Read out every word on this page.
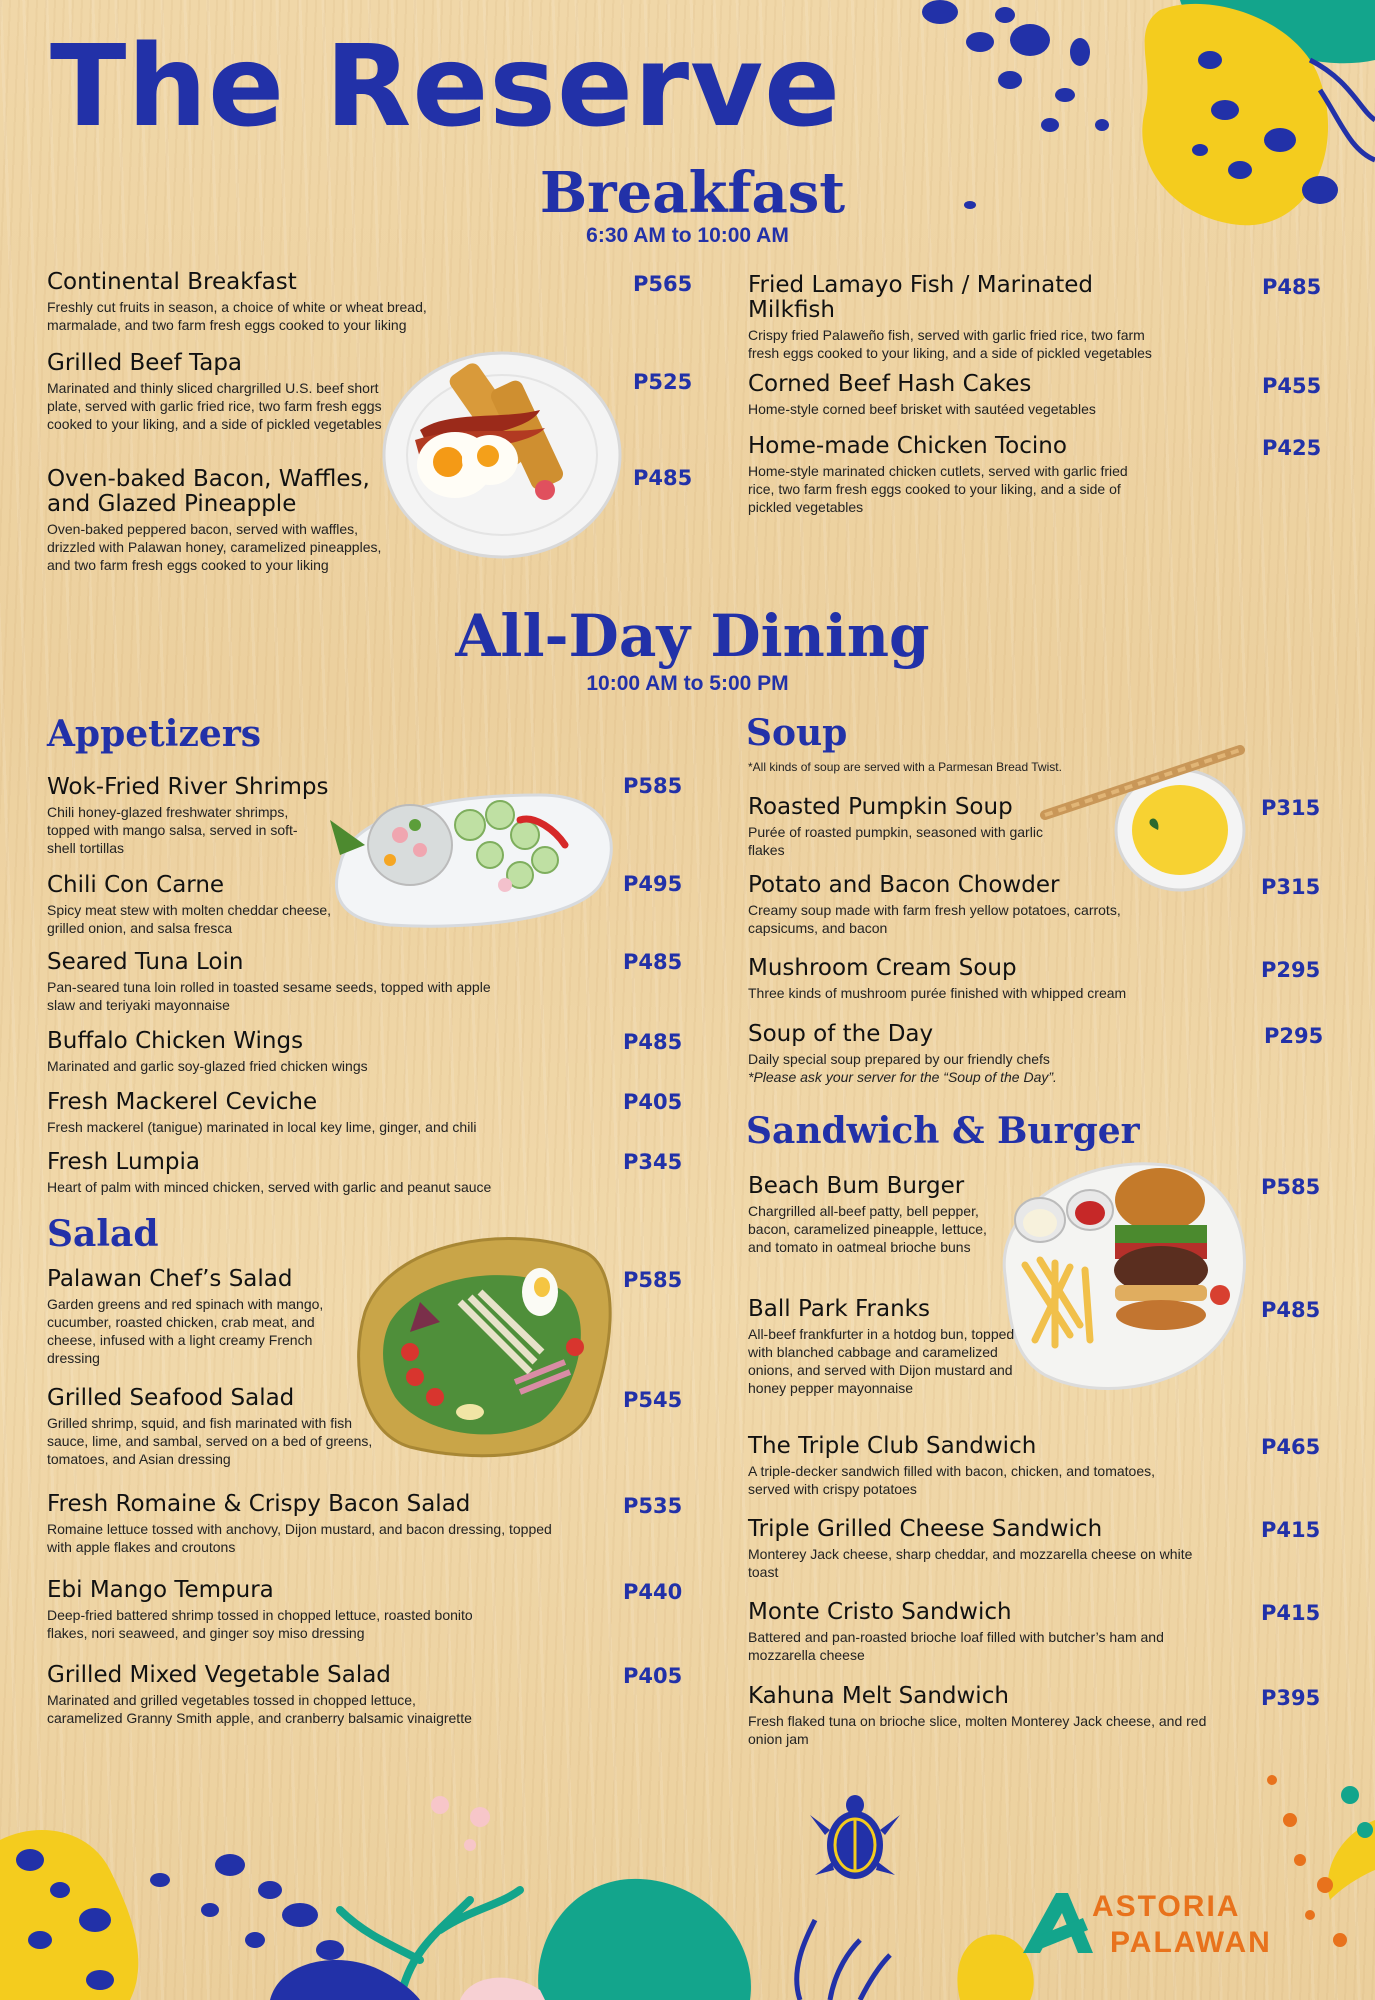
The Reserve
Breakfast
6:30 AM to 10:00 AM
Continental Breakfast
Freshly cut fruits in season, a choice of white or wheat bread, marmalade, and two farm fresh eggs cooked to your liking
P565
Grilled Beef Tapa
Marinated and thinly sliced chargrilled U.S. beef short plate, served with garlic fried rice, two farm fresh eggs cooked to your liking, and a side of pickled vegetables
P525
Oven-baked Bacon, Waffles, and Glazed Pineapple
Oven-baked peppered bacon, served with waffles, drizzled with Palawan honey, caramelized pineapples, and two farm fresh eggs cooked to your liking
P485
Fried Lamayo Fish / Marinated Milkfish
Crispy fried Palaweño fish, served with garlic fried rice, two farm fresh eggs cooked to your liking, and a side of pickled vegetables
P485
Corned Beef Hash Cakes
Home-style corned beef brisket with sautéed vegetables
P455
Home-made Chicken Tocino
Home-style marinated chicken cutlets, served with garlic fried rice, two farm fresh eggs cooked to your liking, and a side of pickled vegetables
P425
All-Day Dining
10:00 AM to 5:00 PM
Appetizers
Wok-Fried River Shrimps
Chili honey-glazed freshwater shrimps, topped with mango salsa, served in soft-shell tortillas
P585
Chili Con Carne
Spicy meat stew with molten cheddar cheese, grilled onion, and salsa fresca
P495
Seared Tuna Loin
Pan-seared tuna loin rolled in toasted sesame seeds, topped with apple slaw and teriyaki mayonnaise
P485
Buffalo Chicken Wings
Marinated and garlic soy-glazed fried chicken wings
P485
Fresh Mackerel Ceviche
Fresh mackerel (tanigue) marinated in local key lime, ginger, and chili
P405
Fresh Lumpia
Heart of palm with minced chicken, served with garlic and peanut sauce
P345
Salad
Palawan Chef’s Salad
Garden greens and red spinach with mango, cucumber, roasted chicken, crab meat, and cheese, infused with a light creamy French dressing
P585
Grilled Seafood Salad
Grilled shrimp, squid, and fish marinated with fish sauce, lime, and sambal, served on a bed of greens, tomatoes, and Asian dressing
P545
Fresh Romaine & Crispy Bacon Salad
Romaine lettuce tossed with anchovy, Dijon mustard, and bacon dressing, topped with apple flakes and croutons
P535
Ebi Mango Tempura
Deep-fried battered shrimp tossed in chopped lettuce, roasted bonito flakes, nori seaweed, and ginger soy miso dressing
P440
Grilled Mixed Vegetable Salad
Marinated and grilled vegetables tossed in chopped lettuce, caramelized Granny Smith apple, and cranberry balsamic vinaigrette
P405
Soup
*All kinds of soup are served with a Parmesan Bread Twist.
Roasted Pumpkin Soup
Purée of roasted pumpkin, seasoned with garlic flakes
P315
Potato and Bacon Chowder
Creamy soup made with farm fresh yellow potatoes, carrots, capsicums, and bacon
P315
Mushroom Cream Soup
Three kinds of mushroom purée finished with whipped cream
P295
Soup of the Day
Daily special soup prepared by our friendly chefs
*Please ask your server for the “Soup of the Day”.
P295
Sandwich & Burger
Beach Bum Burger
Chargrilled all-beef patty, bell pepper, bacon, caramelized pineapple, lettuce, and tomato in oatmeal brioche buns
P585
Ball Park Franks
All-beef frankfurter in a hotdog bun, topped with blanched cabbage and caramelized onions, and served with Dijon mustard and honey pepper mayonnaise
P485
The Triple Club Sandwich
A triple-decker sandwich filled with bacon, chicken, and tomatoes, served with crispy potatoes
P465
Triple Grilled Cheese Sandwich
Monterey Jack cheese, sharp cheddar, and mozzarella cheese on white toast
P415
Monte Cristo Sandwich
Battered and pan-roasted brioche loaf filled with butcher’s ham and mozzarella cheese
P415
Kahuna Melt Sandwich
Fresh flaked tuna on brioche slice, molten Monterey Jack cheese, and red onion jam
P395
ASTORIA
PALAWAN
